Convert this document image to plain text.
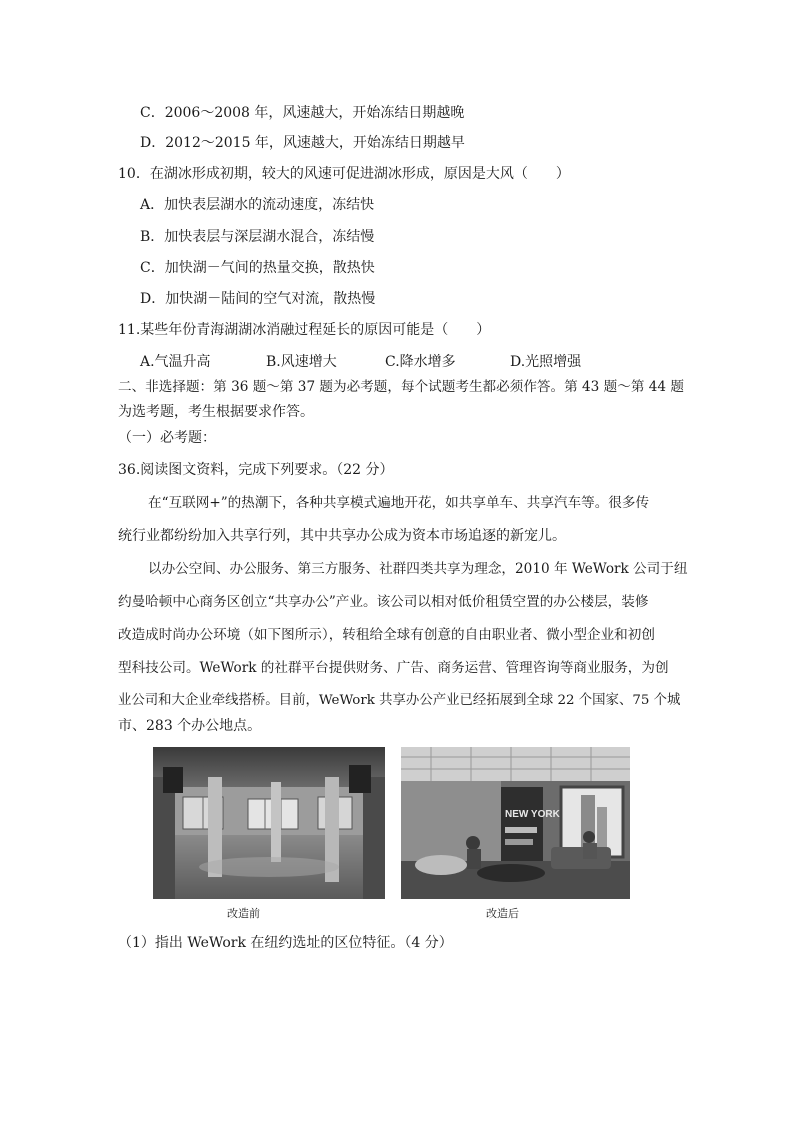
C．2006～2008 年，风速越大，开始冻结日期越晚
D．2012～2015 年，风速越大，开始冻结日期越早
10．在湖冰形成初期，较大的风速可促进湖冰形成，原因是大风（　　）
A．加快表层湖水的流动速度，冻结快
B．加快表层与深层湖水混合，冻结慢
C．加快湖－气间的热量交换，散热快
D．加快湖－陆间的空气对流，散热慢
11.某些年份青海湖湖冰消融过程延长的原因可能是（　　）
A.气温升高	B.风速增大	C.降水增多	D.光照增强
二、非选择题：第 36 题～第 37 题为必考题，每个试题考生都必须作答。第 43 题～第 44 题
为选考题，考生根据要求作答。
（一）必考题：
36.阅读图文资料，完成下列要求。（22 分）
在“互联网+”的热潮下，各种共享模式遍地开花，如共享单车、共享汽车等。很多传
统行业都纷纷加入共享行列，其中共享办公成为资本市场追逐的新宠儿。
以办公空间、办公服务、第三方服务、社群四类共享为理念，2010 年 WeWork 公司于纽
约曼哈顿中心商务区创立“共享办公”产业。该公司以相对低价租赁空置的办公楼层，装修
改造成时尚办公环境（如下图所示），转租给全球有创意的自由职业者、微小型企业和初创
型科技公司。WeWork 的社群平台提供财务、广告、商务运营、管理咨询等商业服务，为创
业公司和大企业牵线搭桥。目前，WeWork 共享办公产业已经拓展到全球 22 个国家、75 个城
市、283 个办公地点。
NEW YORK
改造前	改造后
（1）指出 WeWork 在纽约选址的区位特征。（4 分）
